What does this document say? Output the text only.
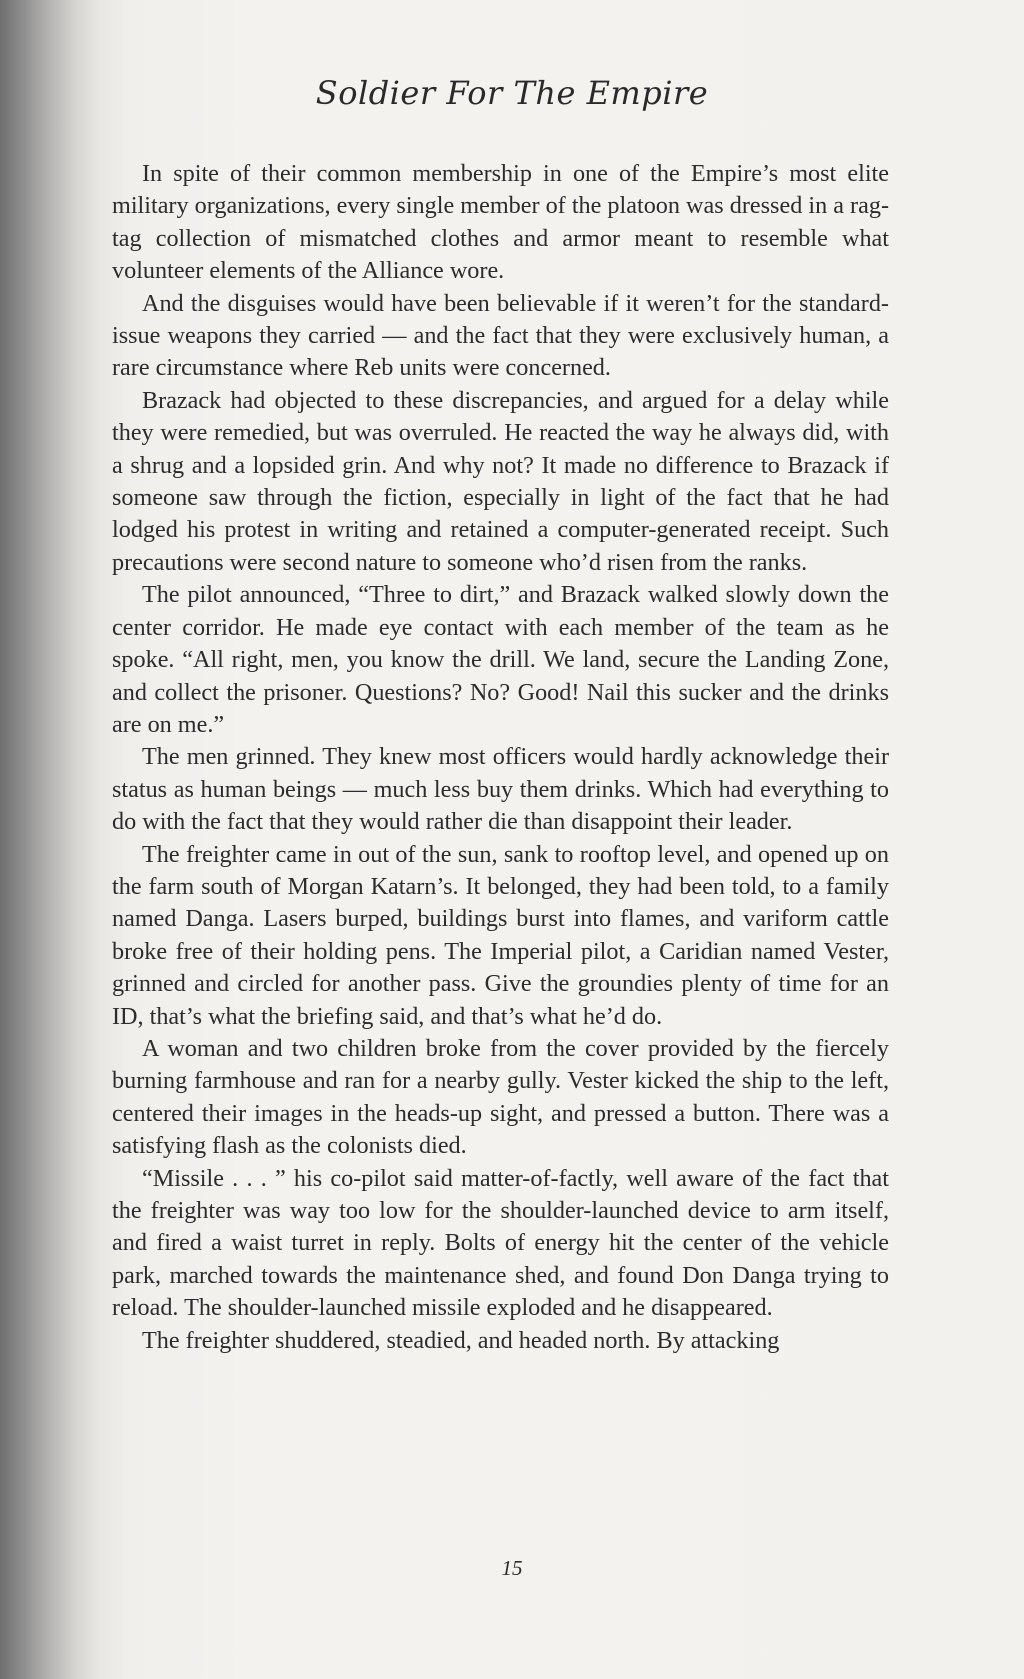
Soldier For The Empire

In spite of their common membership in one of the Empire’s most elite military organizations, every single member of the platoon was dressed in a rag-tag collection of mismatched clothes and armor meant to resemble what volunteer elements of the Alliance wore.

And the disguises would have been believable if it weren’t for the standard-issue weapons they carried — and the fact that they were exclusively human, a rare circumstance where Reb units were concerned.

Brazack had objected to these discrepancies, and argued for a delay while they were remedied, but was overruled. He reacted the way he always did, with a shrug and a lopsided grin. And why not? It made no difference to Brazack if someone saw through the fiction, especially in light of the fact that he had lodged his protest in writing and retained a computer-generated receipt. Such precautions were second nature to someone who’d risen from the ranks.

The pilot announced, “Three to dirt,” and Brazack walked slowly down the center corridor. He made eye contact with each member of the team as he spoke. “All right, men, you know the drill. We land, secure the Landing Zone, and collect the prisoner. Questions? No? Good! Nail this sucker and the drinks are on me.”

The men grinned. They knew most officers would hardly acknowledge their status as human beings — much less buy them drinks. Which had everything to do with the fact that they would rather die than disappoint their leader.

The freighter came in out of the sun, sank to rooftop level, and opened up on the farm south of Morgan Katarn’s. It belonged, they had been told, to a family named Danga. Lasers burped, buildings burst into flames, and variform cattle broke free of their holding pens. The Imperial pilot, a Caridian named Vester, grinned and circled for another pass. Give the groundies plenty of time for an ID, that’s what the briefing said, and that’s what he’d do.

A woman and two children broke from the cover provided by the fiercely burning farmhouse and ran for a nearby gully. Vester kicked the ship to the left, centered their images in the heads-up sight, and pressed a button. There was a satisfying flash as the colonists died.

“Missile . . . ” his co-pilot said matter-of-factly, well aware of the fact that the freighter was way too low for the shoulder-launched device to arm itself, and fired a waist turret in reply. Bolts of energy hit the center of the vehicle park, marched towards the maintenance shed, and found Don Danga trying to reload. The shoulder-launched missile exploded and he disappeared.

The freighter shuddered, steadied, and headed north. By attacking

15
